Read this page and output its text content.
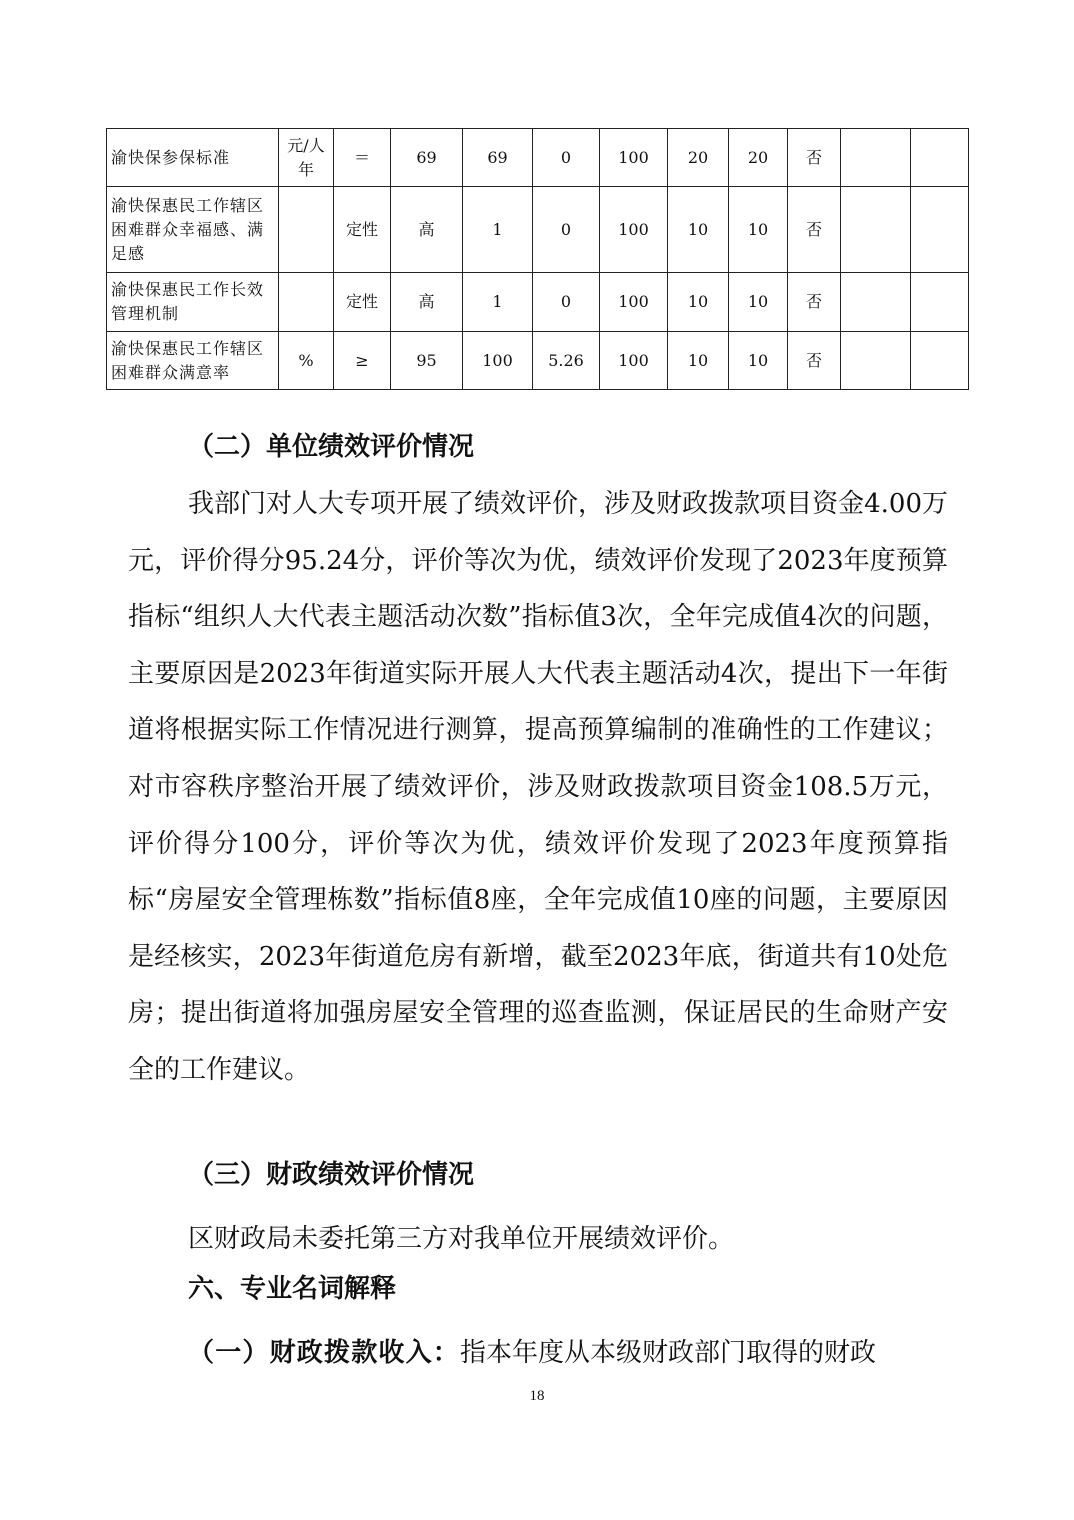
渝快保参保标准	元/人年	＝	69	69	0	100	20	20	否		
渝快保惠民工作辖区困难群众幸福感、满足感		定性	高	1	0	100	10	10	否		
渝快保惠民工作长效管理机制		定性	高	1	0	100	10	10	否		
渝快保惠民工作辖区困难群众满意率	%	≥	95	100	5.26	100	10	10	否		

（二）单位绩效评价情况

我部门对人大专项开展了绩效评价，涉及财政拨款项目资金4.00万元，评价得分95.24分，评价等次为优，绩效评价发现了2023年度预算指标“组织人大代表主题活动次数”指标值3次，全年完成值4次的问题，主要原因是2023年街道实际开展人大代表主题活动4次，提出下一年街道将根据实际工作情况进行测算，提高预算编制的准确性的工作建议；对市容秩序整治开展了绩效评价，涉及财政拨款项目资金108.5万元，评价得分100分，评价等次为优，绩效评价发现了2023年度预算指标“房屋安全管理栋数”指标值8座，全年完成值10座的问题，主要原因是经核实，2023年街道危房有新增，截至2023年底，街道共有10处危房；提出街道将加强房屋安全管理的巡查监测，保证居民的生命财产安全的工作建议。

（三）财政绩效评价情况

区财政局未委托第三方对我单位开展绩效评价。

六、专业名词解释

（一）财政拨款收入：指本年度从本级财政部门取得的财政

18
